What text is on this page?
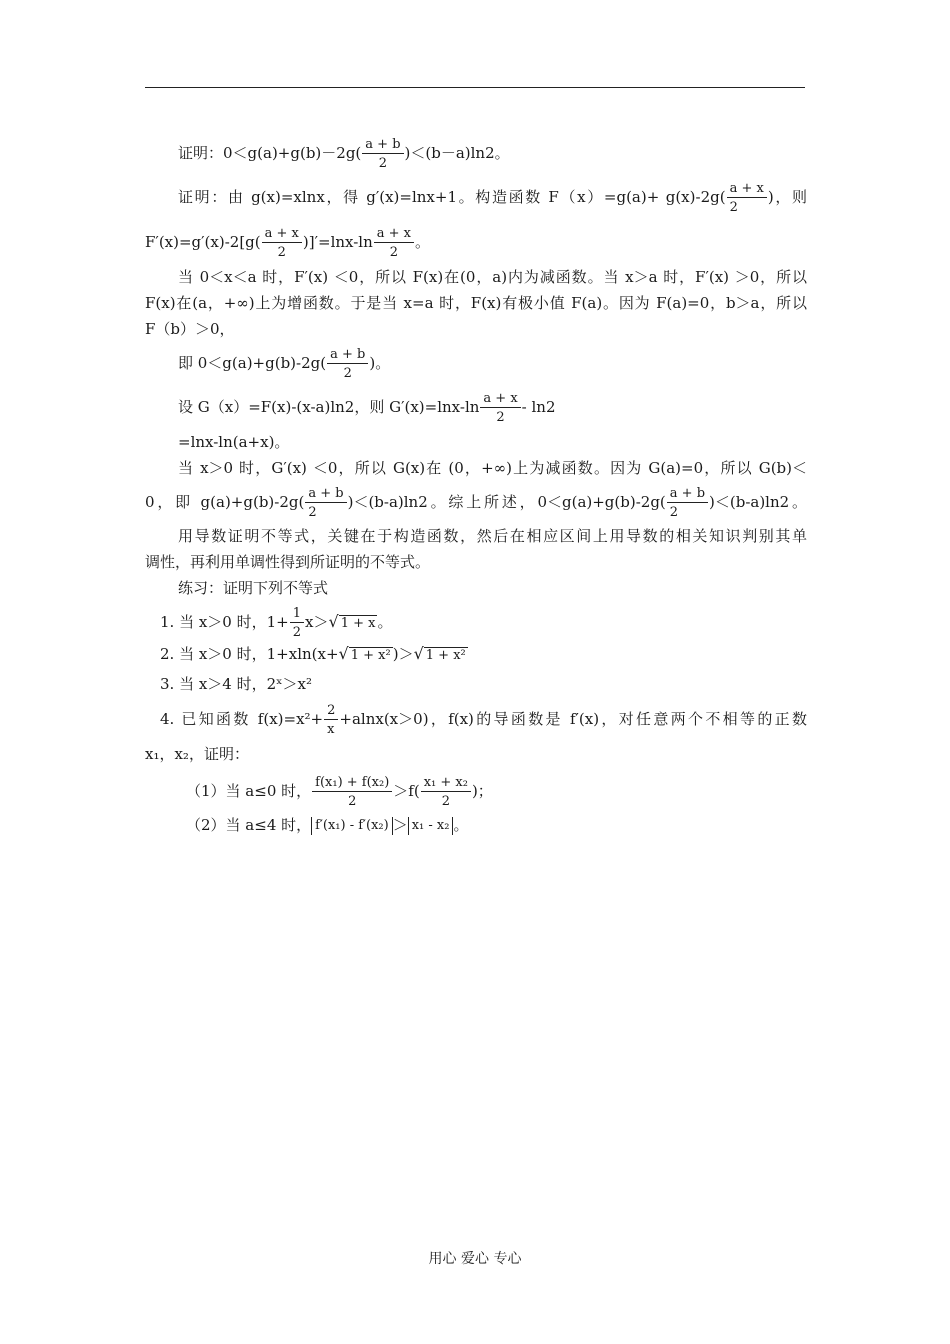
证明：$0<g(a)+g(b)-2g( \frac{a + b}{2} )<(b-a)\ln 2$。
证明：由 g(x)=xlnx，得 g′(x)=lnx+1。构造函数 $F(x)=g(a)+ g(x)-2g( \frac{a + x}{2}$ )，则
$F'(x)=g'(x)-2[g( \frac{a + x}{2} )]'=\ln x-\ln \frac{a + x}{2}$ 。
当 0＜x＜a 时，F′(x) ＜0，所以 F(x)在(0，a)内为减函数。当 x＞a 时，F′(x) ＞0，所以
F(x)在(a，+∞)上为增函数。于是当 x=a 时，F(x)有极小值 F(a)。因为 F(a)=0，b＞a，所以
F（b）＞0，
即 $0<g(a)+g(b)-2g( \frac{a + b}{2}$ )。
设 G（x）=F(x)-(x-a)ln2，则 $G'(x)=\ln x-\ln \frac{a + x}{2} - \ln 2$
=lnx-ln(a+x)。
当 x＞0 时，G′(x) ＜0，所以 G(x)在 (0，+∞)上为减函数。因为 G(a)=0，所以 G(b)＜
0，即 $g(a)+g(b)-2g( \frac{a + b}{2} )<(b-a)\ln 2$。综上所述，$0<g(a)+g(b)-2g( \frac{a + b}{2} )<(b-a)\ln 2$。
用导数证明不等式，关键在于构造函数，然后在相应区间上用导数的相关知识判别其单
调性，再利用单调性得到所证明的不等式。
练习：证明下列不等式
1. 当 x＞0 时，$1+ \frac{1}{2} x>√$ 1 + x 。
2. 当 x＞0 时，1+xln(x+√ 1 + x² )＞√ 1 + x²
3. 当 x＞4 时，2ˣ＞x²
4. 已知函数 $f(x)=x^2+ \frac{2}{x} +alnx(x>0)$，f(x)的导函数是 f′(x)，对任意两个不相等的正数
x₁，x₂，证明：
（1）当 a≤0 时， $\frac{\text{f(x₁) + f(x₂)}}{2} >f( \frac{\text{x₁ + x₂}}{2}$ )；
（2）当 a≤4 时， f′(x₁) - f′(x₂) ＞ x₁ - x₂ 。
用心 爱心 专心
